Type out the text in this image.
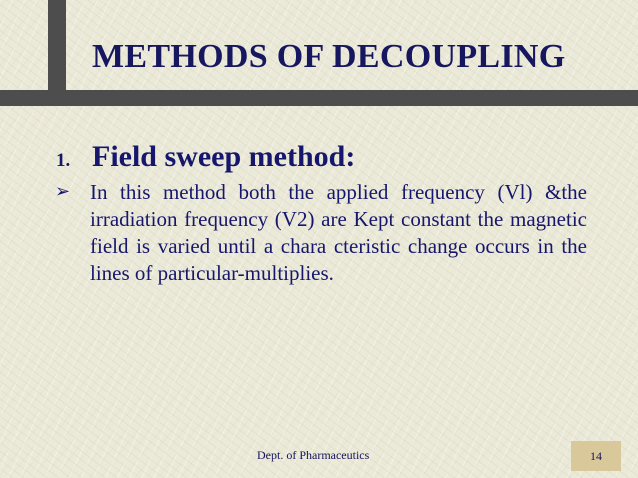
METHODS OF DECOUPLING
1. Field sweep method:
➢ In this method both the applied frequency (Vl) &the irradiation frequency (V2) are Kept constant the magnetic field is varied until a chara cteristic change occurs in the lines of particular-multiplies.

Dept. of Pharmaceutics	14
